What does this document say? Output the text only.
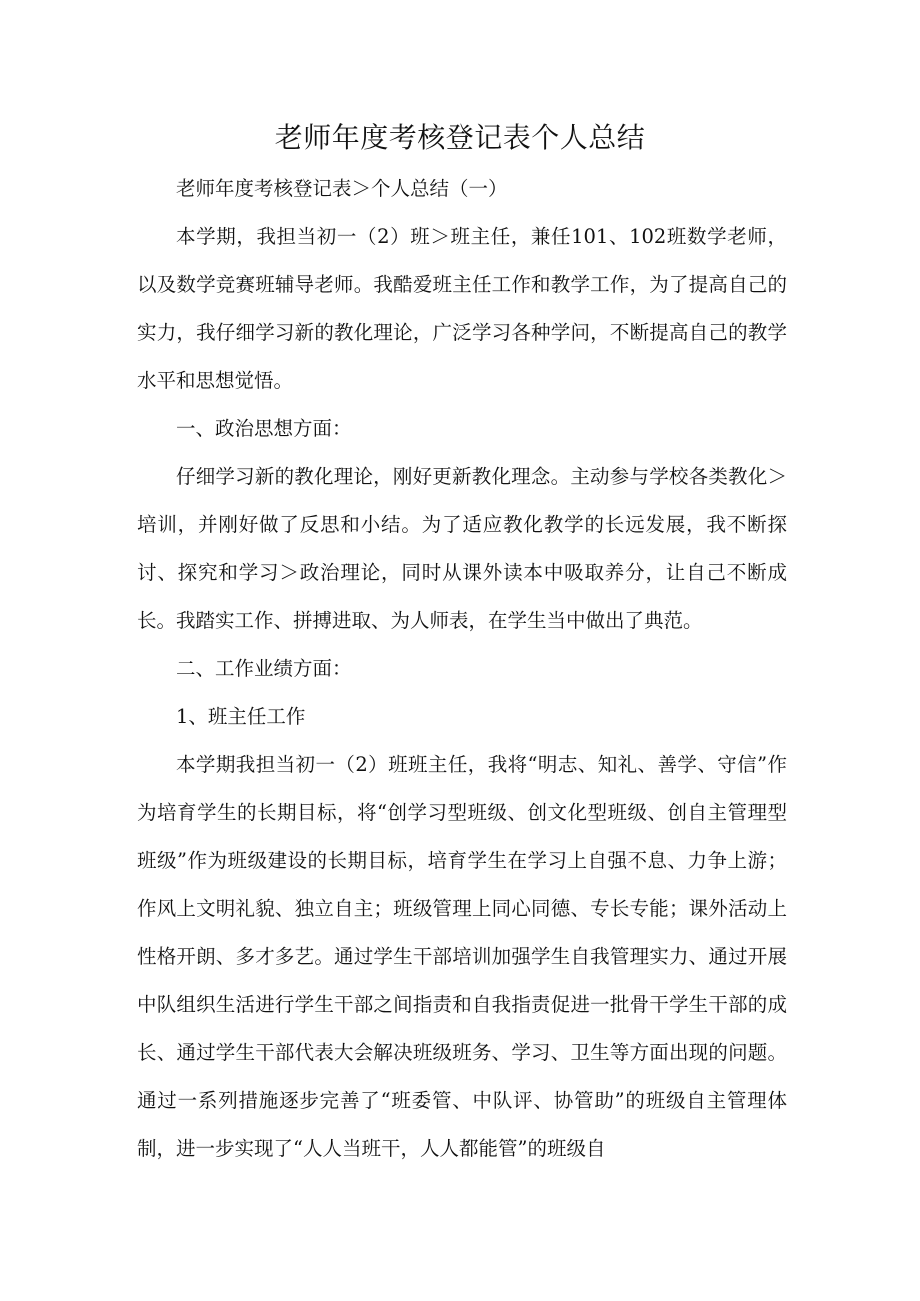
老师年度考核登记表个人总结

老师年度考核登记表＞个人总结（一）

本学期，我担当初一（2）班＞班主任，兼任101、102班数学老师，以及数学竞赛班辅导老师。我酷爱班主任工作和教学工作，为了提高自己的实力，我仔细学习新的教化理论，广泛学习各种学问，不断提高自己的教学水平和思想觉悟。

一、政治思想方面：

仔细学习新的教化理论，刚好更新教化理念。主动参与学校各类教化＞培训，并刚好做了反思和小结。为了适应教化教学的长远发展，我不断探讨、探究和学习＞政治理论，同时从课外读本中吸取养分，让自己不断成长。我踏实工作、拼搏进取、为人师表，在学生当中做出了典范。

二、工作业绩方面：

1、班主任工作

本学期我担当初一（2）班班主任，我将“明志、知礼、善学、守信”作为培育学生的长期目标，将“创学习型班级、创文化型班级、创自主管理型班级”作为班级建设的长期目标，培育学生在学习上自强不息、力争上游；作风上文明礼貌、独立自主；班级管理上同心同德、专长专能；课外活动上性格开朗、多才多艺。通过学生干部培训加强学生自我管理实力、通过开展中队组织生活进行学生干部之间指责和自我指责促进一批骨干学生干部的成长、通过学生干部代表大会解决班级班务、学习、卫生等方面出现的问题。通过一系列措施逐步完善了“班委管、中队评、协管助”的班级自主管理体制，进一步实现了“人人当班干，人人都能管”的班级自
